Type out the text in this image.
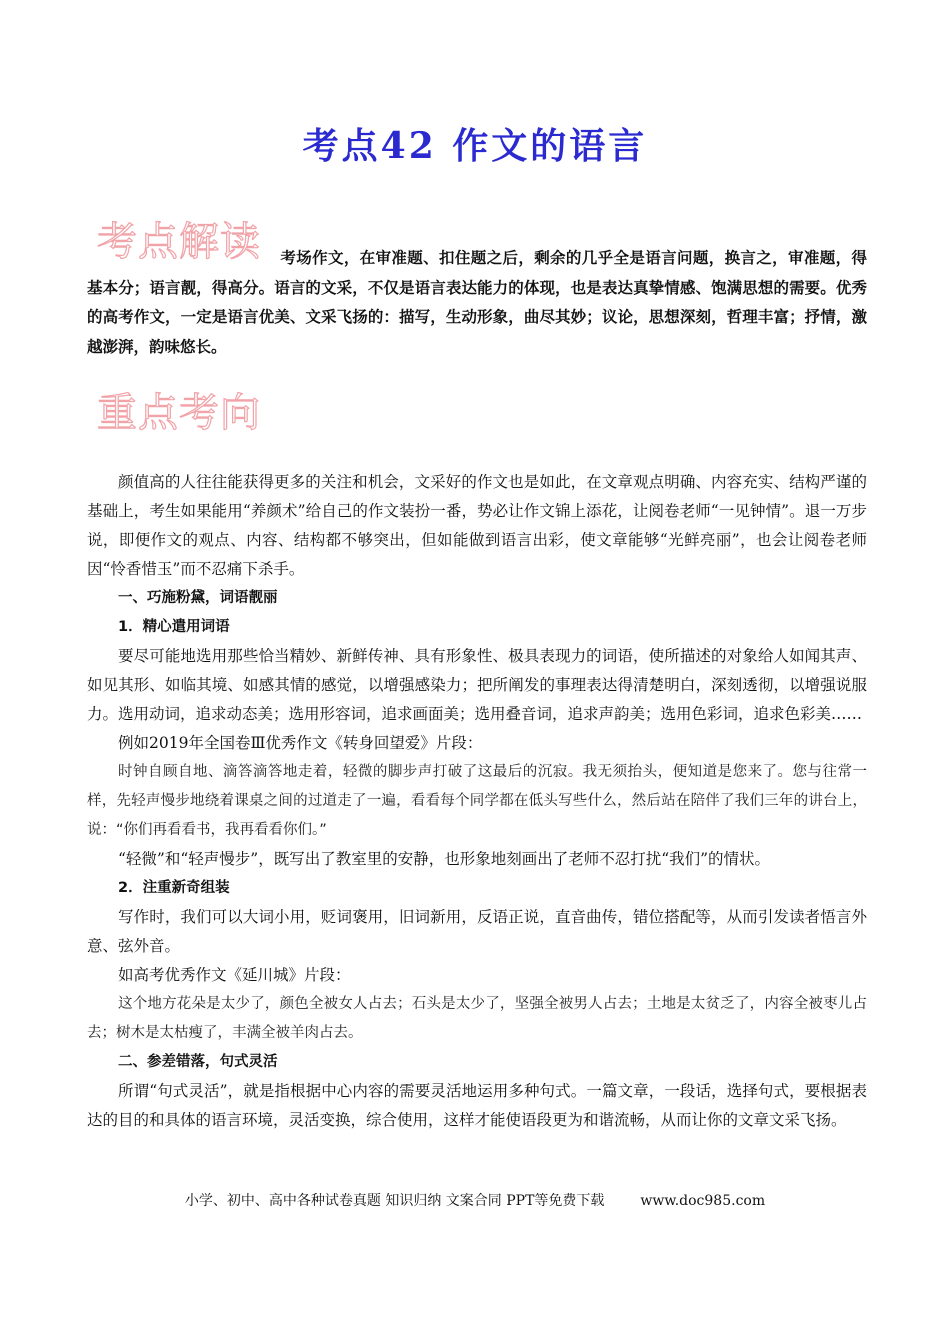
考点42 作文的语言
考点解读	考场作文，在审准题、扣住题之后，剩余的几乎全是语言问题，换言之，审准题，得基本分；语言靓，得高分。语言的文采，不仅是语言表达能力的体现，也是表达真挚情感、饱满思想的需要。优秀的高考作文，一定是语言优美、文采飞扬的：描写，生动形象，曲尽其妙；议论，思想深刻，哲理丰富；抒情，激越澎湃，韵味悠长。

重点考向

颜值高的人往往能获得更多的关注和机会，文采好的作文也是如此，在文章观点明确、内容充实、结构严谨的基础上，考生如果能用“养颜术”给自己的作文装扮一番，势必让作文锦上添花，让阅卷老师“一见钟情”。退一万步说，即便作文的观点、内容、结构都不够突出，但如能做到语言出彩，使文章能够“光鲜亮丽”，也会让阅卷老师因“怜香惜玉”而不忍痛下杀手。

一、巧施粉黛，词语靓丽

1．精心遣用词语

要尽可能地选用那些恰当精妙、新鲜传神、具有形象性、极具表现力的词语，使所描述的对象给人如闻其声、如见其形、如临其境、如感其情的感觉，以增强感染力；把所阐发的事理表达得清楚明白，深刻透彻，以增强说服力。选用动词，追求动态美；选用形容词，追求画面美；选用叠音词，追求声韵美；选用色彩词，追求色彩美……

例如2019年全国卷Ⅲ优秀作文《转身回望爱》片段：

时钟自顾自地、滴答滴答地走着，轻微的脚步声打破了这最后的沉寂。我无须抬头，便知道是您来了。您与往常一样，先轻声慢步地绕着课桌之间的过道走了一遍，看看每个同学都在低头写些什么，然后站在陪伴了我们三年的讲台上，说：“你们再看看书，我再看看你们。”

“轻微”和“轻声慢步”，既写出了教室里的安静，也形象地刻画出了老师不忍打扰“我们”的情状。

2．注重新奇组装

写作时，我们可以大词小用，贬词褒用，旧词新用，反语正说，直音曲传，错位搭配等，从而引发读者悟言外意、弦外音。

如高考优秀作文《延川城》片段：

这个地方花朵是太少了，颜色全被女人占去；石头是太少了，坚强全被男人占去；土地是太贫乏了，内容全被枣儿占去；树木是太枯瘦了，丰满全被羊肉占去。

二、参差错落，句式灵活

所谓“句式灵活”，就是指根据中心内容的需要灵活地运用多种句式。一篇文章，一段话，选择句式，要根据表达的目的和具体的语言环境，灵活变换，综合使用，这样才能使语段更为和谐流畅，从而让你的文章文采飞扬。

小学、初中、高中各种试卷真题 知识归纳 文案合同 PPT等免费下载	www.doc985.com
